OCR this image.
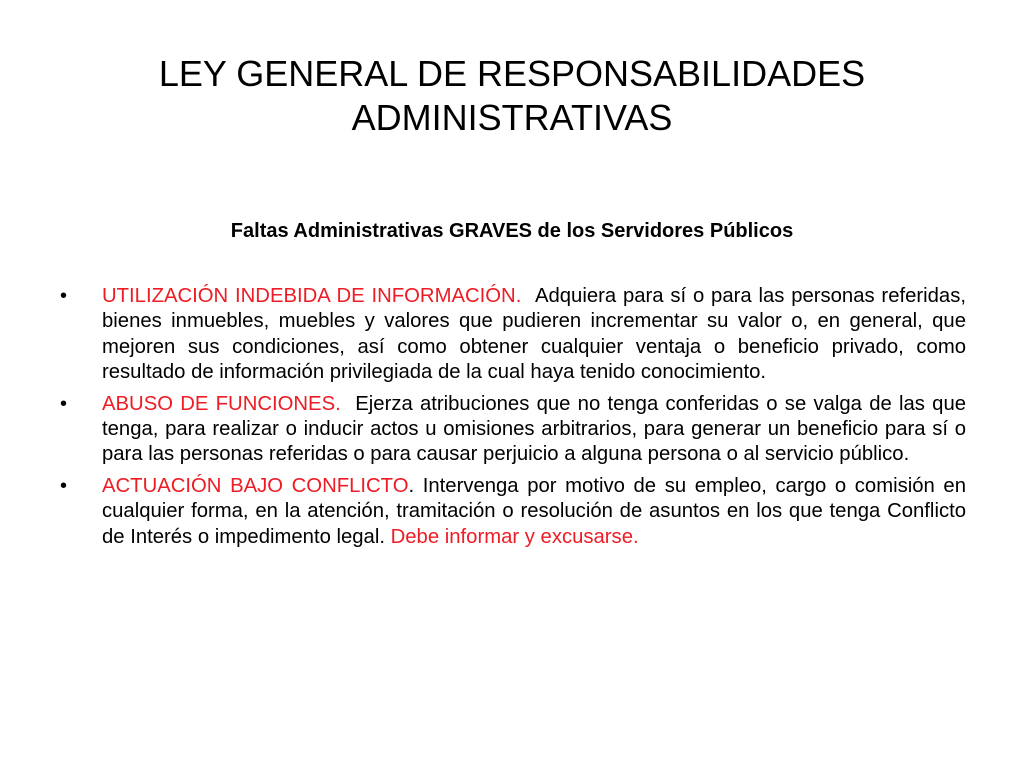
LEY GENERAL DE RESPONSABILIDADES ADMINISTRATIVAS
Faltas Administrativas GRAVES de los Servidores Públicos
• UTILIZACIÓN INDEBIDA DE INFORMACIÓN. Adquiera para sí o para las personas referidas, bienes inmuebles, muebles y valores que pudieren incrementar su valor o, en general, que mejoren sus condiciones, así como obtener cualquier ventaja o beneficio privado, como resultado de información privilegiada de la cual haya tenido conocimiento.
• ABUSO DE FUNCIONES. Ejerza atribuciones que no tenga conferidas o se valga de las que tenga, para realizar o inducir actos u omisiones arbitrarios, para generar un beneficio para sí o para las personas referidas o para causar perjuicio a alguna persona o al servicio público.
• ACTUACIÓN BAJO CONFLICTO. Intervenga por motivo de su empleo, cargo o comisión en cualquier forma, en la atención, tramitación o resolución de asuntos en los que tenga Conflicto de Interés o impedimento legal. Debe informar y excusarse.
